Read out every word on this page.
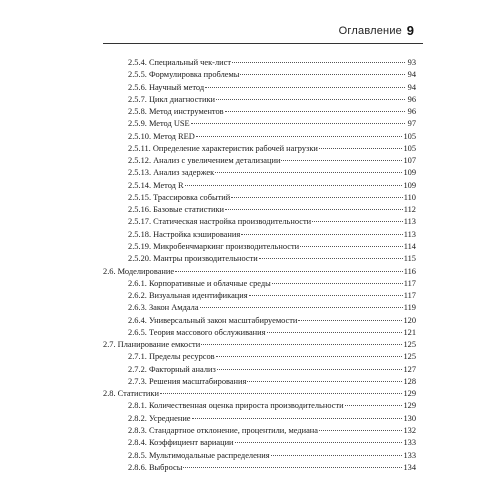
Оглавление 9
2.5.4. Специальный чек-лист	93
2.5.5. Формулировка проблемы	94
2.5.6. Научный метод	94
2.5.7. Цикл диагностики	96
2.5.8. Метод инструментов	96
2.5.9. Метод USE	97
2.5.10. Метод RED	105
2.5.11. Определение характеристик рабочей нагрузки	105
2.5.12. Анализ с увеличением детализации	107
2.5.13. Анализ задержек	109
2.5.14. Метод R	109
2.5.15. Трассировка событий	110
2.5.16. Базовые статистики	112
2.5.17. Статическая настройка производительности	113
2.5.18. Настройка кэширования	113
2.5.19. Микробенчмаркинг производительности	114
2.5.20. Мантры производительности	115
2.6. Моделирование	116
2.6.1. Корпоративные и облачные среды	117
2.6.2. Визуальная идентификация	117
2.6.3. Закон Амдала	119
2.6.4. Универсальный закон масштабируемости	120
2.6.5. Теория массового обслуживания	121
2.7. Планирование емкости	125
2.7.1. Пределы ресурсов	125
2.7.2. Факторный анализ	127
2.7.3. Решения масштабирования	128
2.8. Статистики	129
2.8.1. Количественная оценка прироста производительности	129
2.8.2. Усреднение	130
2.8.3. Стандартное отклонение, процентили, медиана	132
2.8.4. Коэффициент вариации	133
2.8.5. Мультимодальные распределения	133
2.8.6. Выбросы	134
